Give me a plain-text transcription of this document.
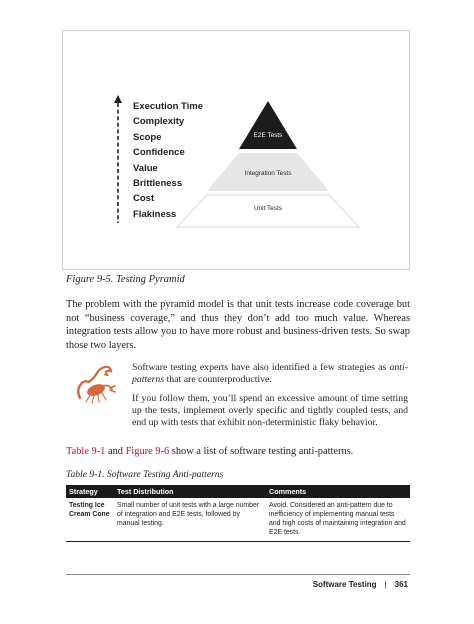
E2E Tests
Integration Tests
Unit Tests
Execution Time
Complexity
Scope
Confidence
Value
Brittleness
Cost
Flakiness

Figure 9-5. Testing Pyramid

The problem with the pyramid model is that unit tests increase code coverage but not “business coverage,” and thus they don’t add too much value. Whereas integration tests allow you to have more robust and business-driven tests. So swap those two layers.

Software testing experts have also identified a few strategies as anti-patterns that are counterproductive.

If you follow them, you’ll spend an excessive amount of time setting up the tests, implement overly specific and tightly coupled tests, and end up with tests that exhibit non-deterministic flaky behavior.

Table 9-1 and Figure 9-6 show a list of software testing anti-patterns.

Table 9-1. Software Testing Anti-patterns

Strategy	Test Distribution	Comments
Testing Ice Cream Cone	Small number of unit tests with a large number of integration and E2E tests, followed by manual testing.	Avoid. Considered an anti-pattern due to inefficiency of implementing manual tests and high costs of maintaining integration and E2E tests.
Software Testing | 361
